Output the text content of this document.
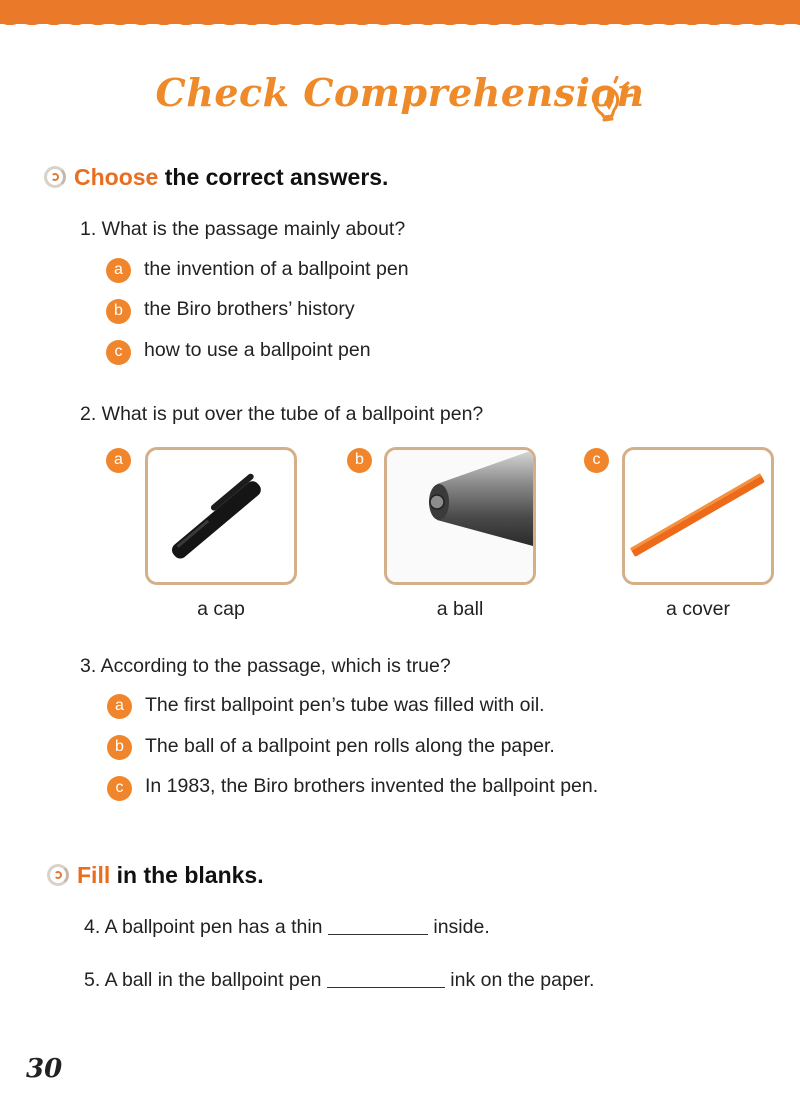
Check Comprehension
Choose the correct answers.
1. What is the passage mainly about?
a	the invention of a ballpoint pen
b	the Biro brothers’ history
c	how to use a ballpoint pen
2. What is put over the tube of a ballpoint pen?
a
a cap
b
a ball
c
a cover
3. According to the passage, which is true?
a	The first ballpoint pen’s tube was filled with oil.
b	The ball of a ballpoint pen rolls along the paper.
c	In 1983, the Biro brothers invented the ballpoint pen.
Fill in the blanks.
4. A ballpoint pen has a thin	inside.
5. A ball in the ballpoint pen	ink on the paper.
30
